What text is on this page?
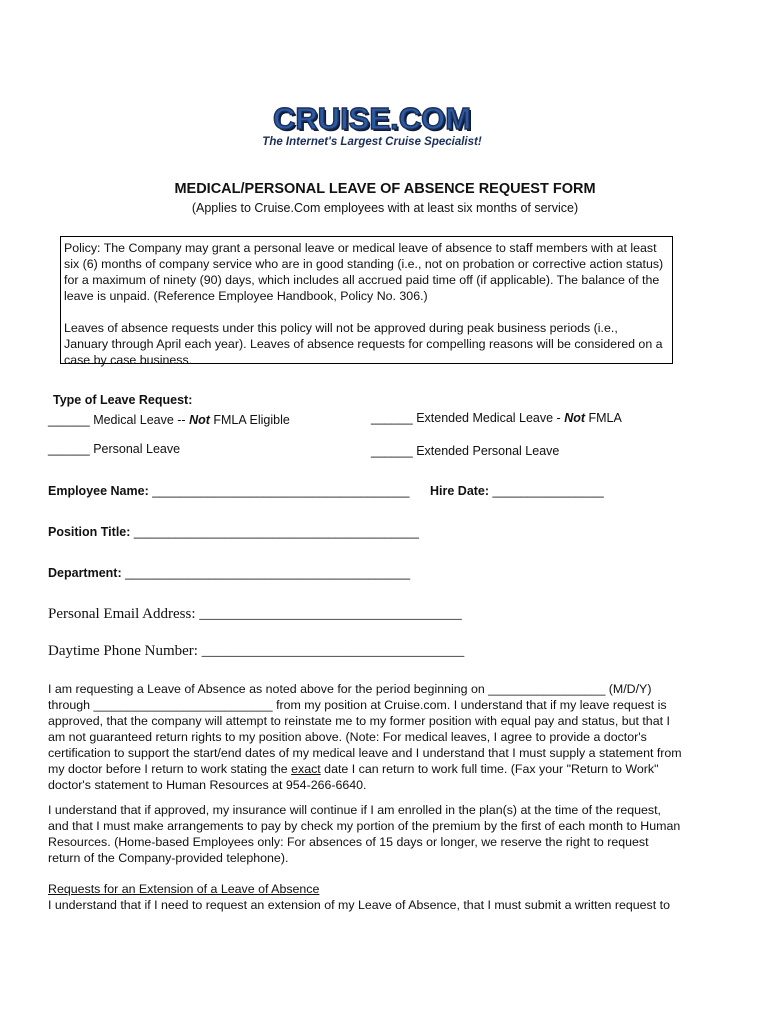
CRUISE.COM
The Internet's Largest Cruise Specialist!
MEDICAL/PERSONAL LEAVE OF ABSENCE REQUEST FORM
(Applies to Cruise.Com employees with at least six months of service)

Policy: The Company may grant a personal leave or medical leave of absence to staff members with at least
six (6) months of company service who are in good standing (i.e., not on probation or corrective action status)
for a maximum of ninety (90) days, which includes all accrued paid time off (if applicable). The balance of the
leave is unpaid. (Reference Employee Handbook, Policy No. 306.)

Leaves of absence requests under this policy will not be approved during peak business periods (i.e.,
January through April each year). Leaves of absence requests for compelling reasons will be considered on a
case by case business.

Type of Leave Request:
______ Medical Leave -- Not FMLA Eligible	______ Extended Medical Leave - Not FMLA
______ Personal Leave	______ Extended Personal Leave
Employee Name: _____________________________________ Hire Date: ________________
Position Title: _________________________________________
Department: _________________________________________
Personal Email Address: ___________________________________
Daytime Phone Number: ___________________________________

I am requesting a Leave of Absence as noted above for the period beginning on _________________ (M/D/Y)
through __________________________ from my position at Cruise.com. I understand that if my leave request is
approved, that the company will attempt to reinstate me to my former position with equal pay and status, but that I
am not guaranteed return rights to my position above. (Note: For medical leaves, I agree to provide a doctor's
certification to support the start/end dates of my medical leave and I understand that I must supply a statement from
my doctor before I return to work stating the exact date I can return to work full time. (Fax your "Return to Work"
doctor's statement to Human Resources at 954-266-6640.

I understand that if approved, my insurance will continue if I am enrolled in the plan(s) at the time of the request,
and that I must make arrangements to pay by check my portion of the premium by the first of each month to Human
Resources. (Home-based Employees only: For absences of 15 days or longer, we reserve the right to request
return of the Company-provided telephone).

Requests for an Extension of a Leave of Absence
I understand that if I need to request an extension of my Leave of Absence, that I must submit a written request to
